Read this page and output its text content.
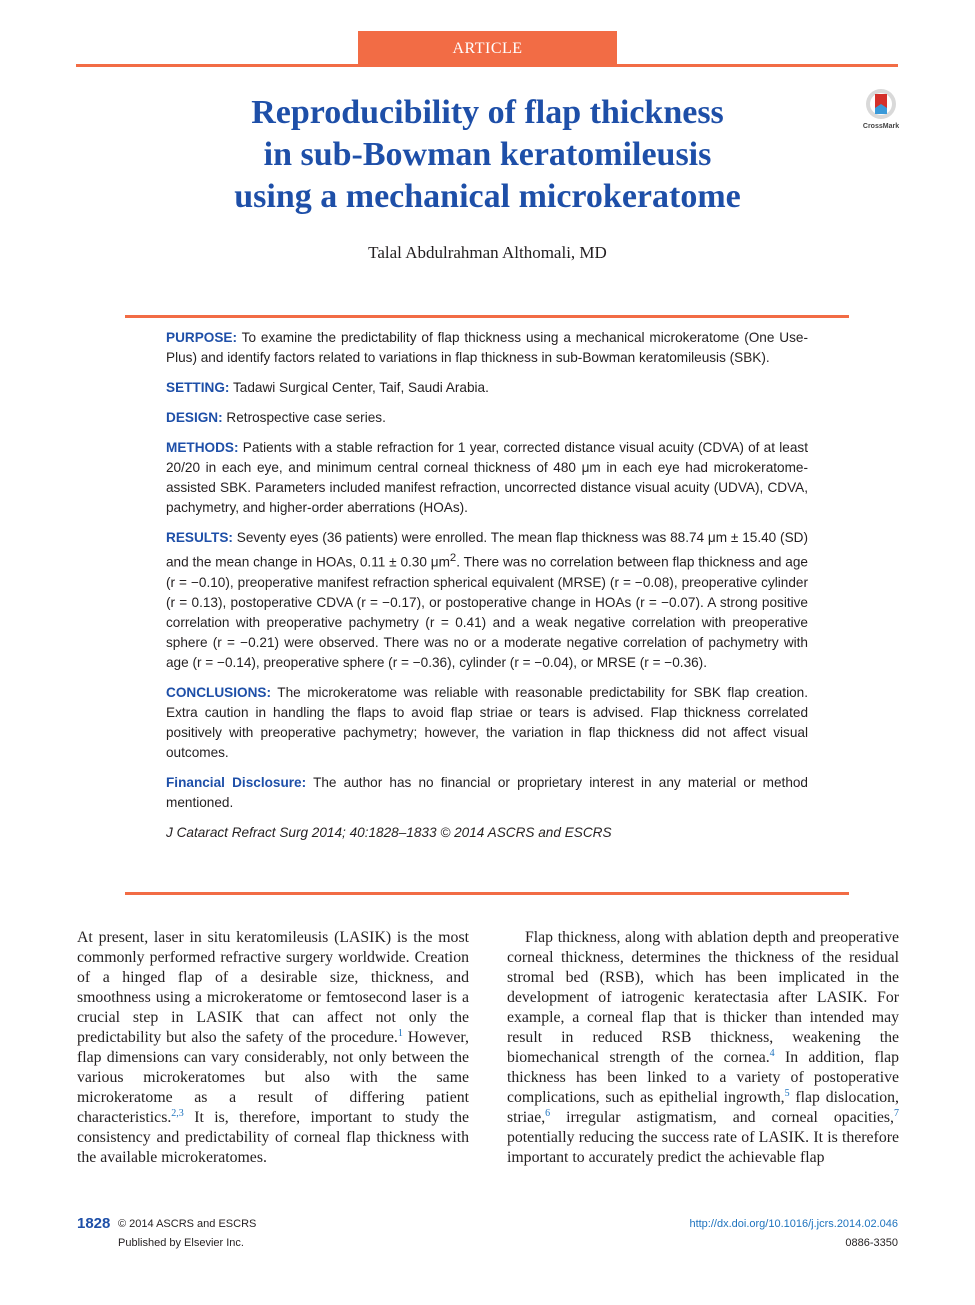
ARTICLE
Reproducibility of flap thickness
in sub-Bowman keratomileusis
using a mechanical microkeratome
CrossMark

Talal Abdulrahman Althomali, MD

PURPOSE: To examine the predictability of flap thickness using a mechanical microkeratome (One Use-Plus) and identify factors related to variations in flap thickness in sub-Bowman keratomileusis (SBK).

SETTING: Tadawi Surgical Center, Taif, Saudi Arabia.

DESIGN: Retrospective case series.

METHODS: Patients with a stable refraction for 1 year, corrected distance visual acuity (CDVA) of at least 20/20 in each eye, and minimum central corneal thickness of 480 μm in each eye had microkeratome-assisted SBK. Parameters included manifest refraction, uncorrected distance visual acuity (UDVA), CDVA, pachymetry, and higher-order aberrations (HOAs).

RESULTS: Seventy eyes (36 patients) were enrolled. The mean flap thickness was 88.74 μm ± 15.40 (SD) and the mean change in HOAs, 0.11 ± 0.30 $\mu m^2$. There was no correlation between flap thickness and age (r = −0.10), preoperative manifest refraction spherical equivalent (MRSE) (r = −0.08), preoperative cylinder (r = 0.13), postoperative CDVA (r = −0.17), or postoperative change in HOAs (r = −0.07). A strong positive correlation with preoperative pachymetry (r = 0.41) and a weak negative correlation with preoperative sphere (r = −0.21) were observed. There was no or a moderate negative correlation of pachymetry with age (r = −0.14), preoperative sphere (r = −0.36), cylinder (r = −0.04), or MRSE (r = −0.36).

CONCLUSIONS: The microkeratome was reliable with reasonable predictability for SBK flap creation. Extra caution in handling the flaps to avoid flap striae or tears is advised. Flap thickness correlated positively with preoperative pachymetry; however, the variation in flap thickness did not affect visual outcomes.

Financial Disclosure: The author has no financial or proprietary interest in any material or method mentioned.

J Cataract Refract Surg 2014; 40:1828–1833 © 2014 ASCRS and ESCRS

At present, laser in situ keratomileusis (LASIK) is the most commonly performed refractive surgery worldwide. Creation of a hinged flap of a desirable size, thickness, and smoothness using a microkeratome or femtosecond laser is a crucial step in LASIK that can affect not only the predictability but also the safety of the procedure.$^1$ However, flap dimensions can vary considerably, not only between the various microkeratomes but also with the same microkeratome as a result of differing patient characteristics.$^{2,3}$ It is, therefore, important to study the consistency and predictability of corneal flap thickness with the available microkeratomes.

Flap thickness, along with ablation depth and preoperative corneal thickness, determines the thickness of the residual stromal bed (RSB), which has been implicated in the development of iatrogenic keratectasia after LASIK. For example, a corneal flap that is thicker than intended may result in reduced RSB thickness, weakening the biomechanical strength of the cornea.$^4$ In addition, flap thickness has been linked to a variety of postoperative complications, such as epithelial ingrowth,$^5$ flap dislocation, striae,$^6$ irregular astigmatism, and corneal opacities,$^7$ potentially reducing the success rate of LASIK. It is therefore important to accurately predict the achievable flap

1828 © 2014 ASCRS and ESCRS
Published by Elsevier Inc.
http://dx.doi.org/10.1016/j.jcrs.2014.02.046
0886-3350
